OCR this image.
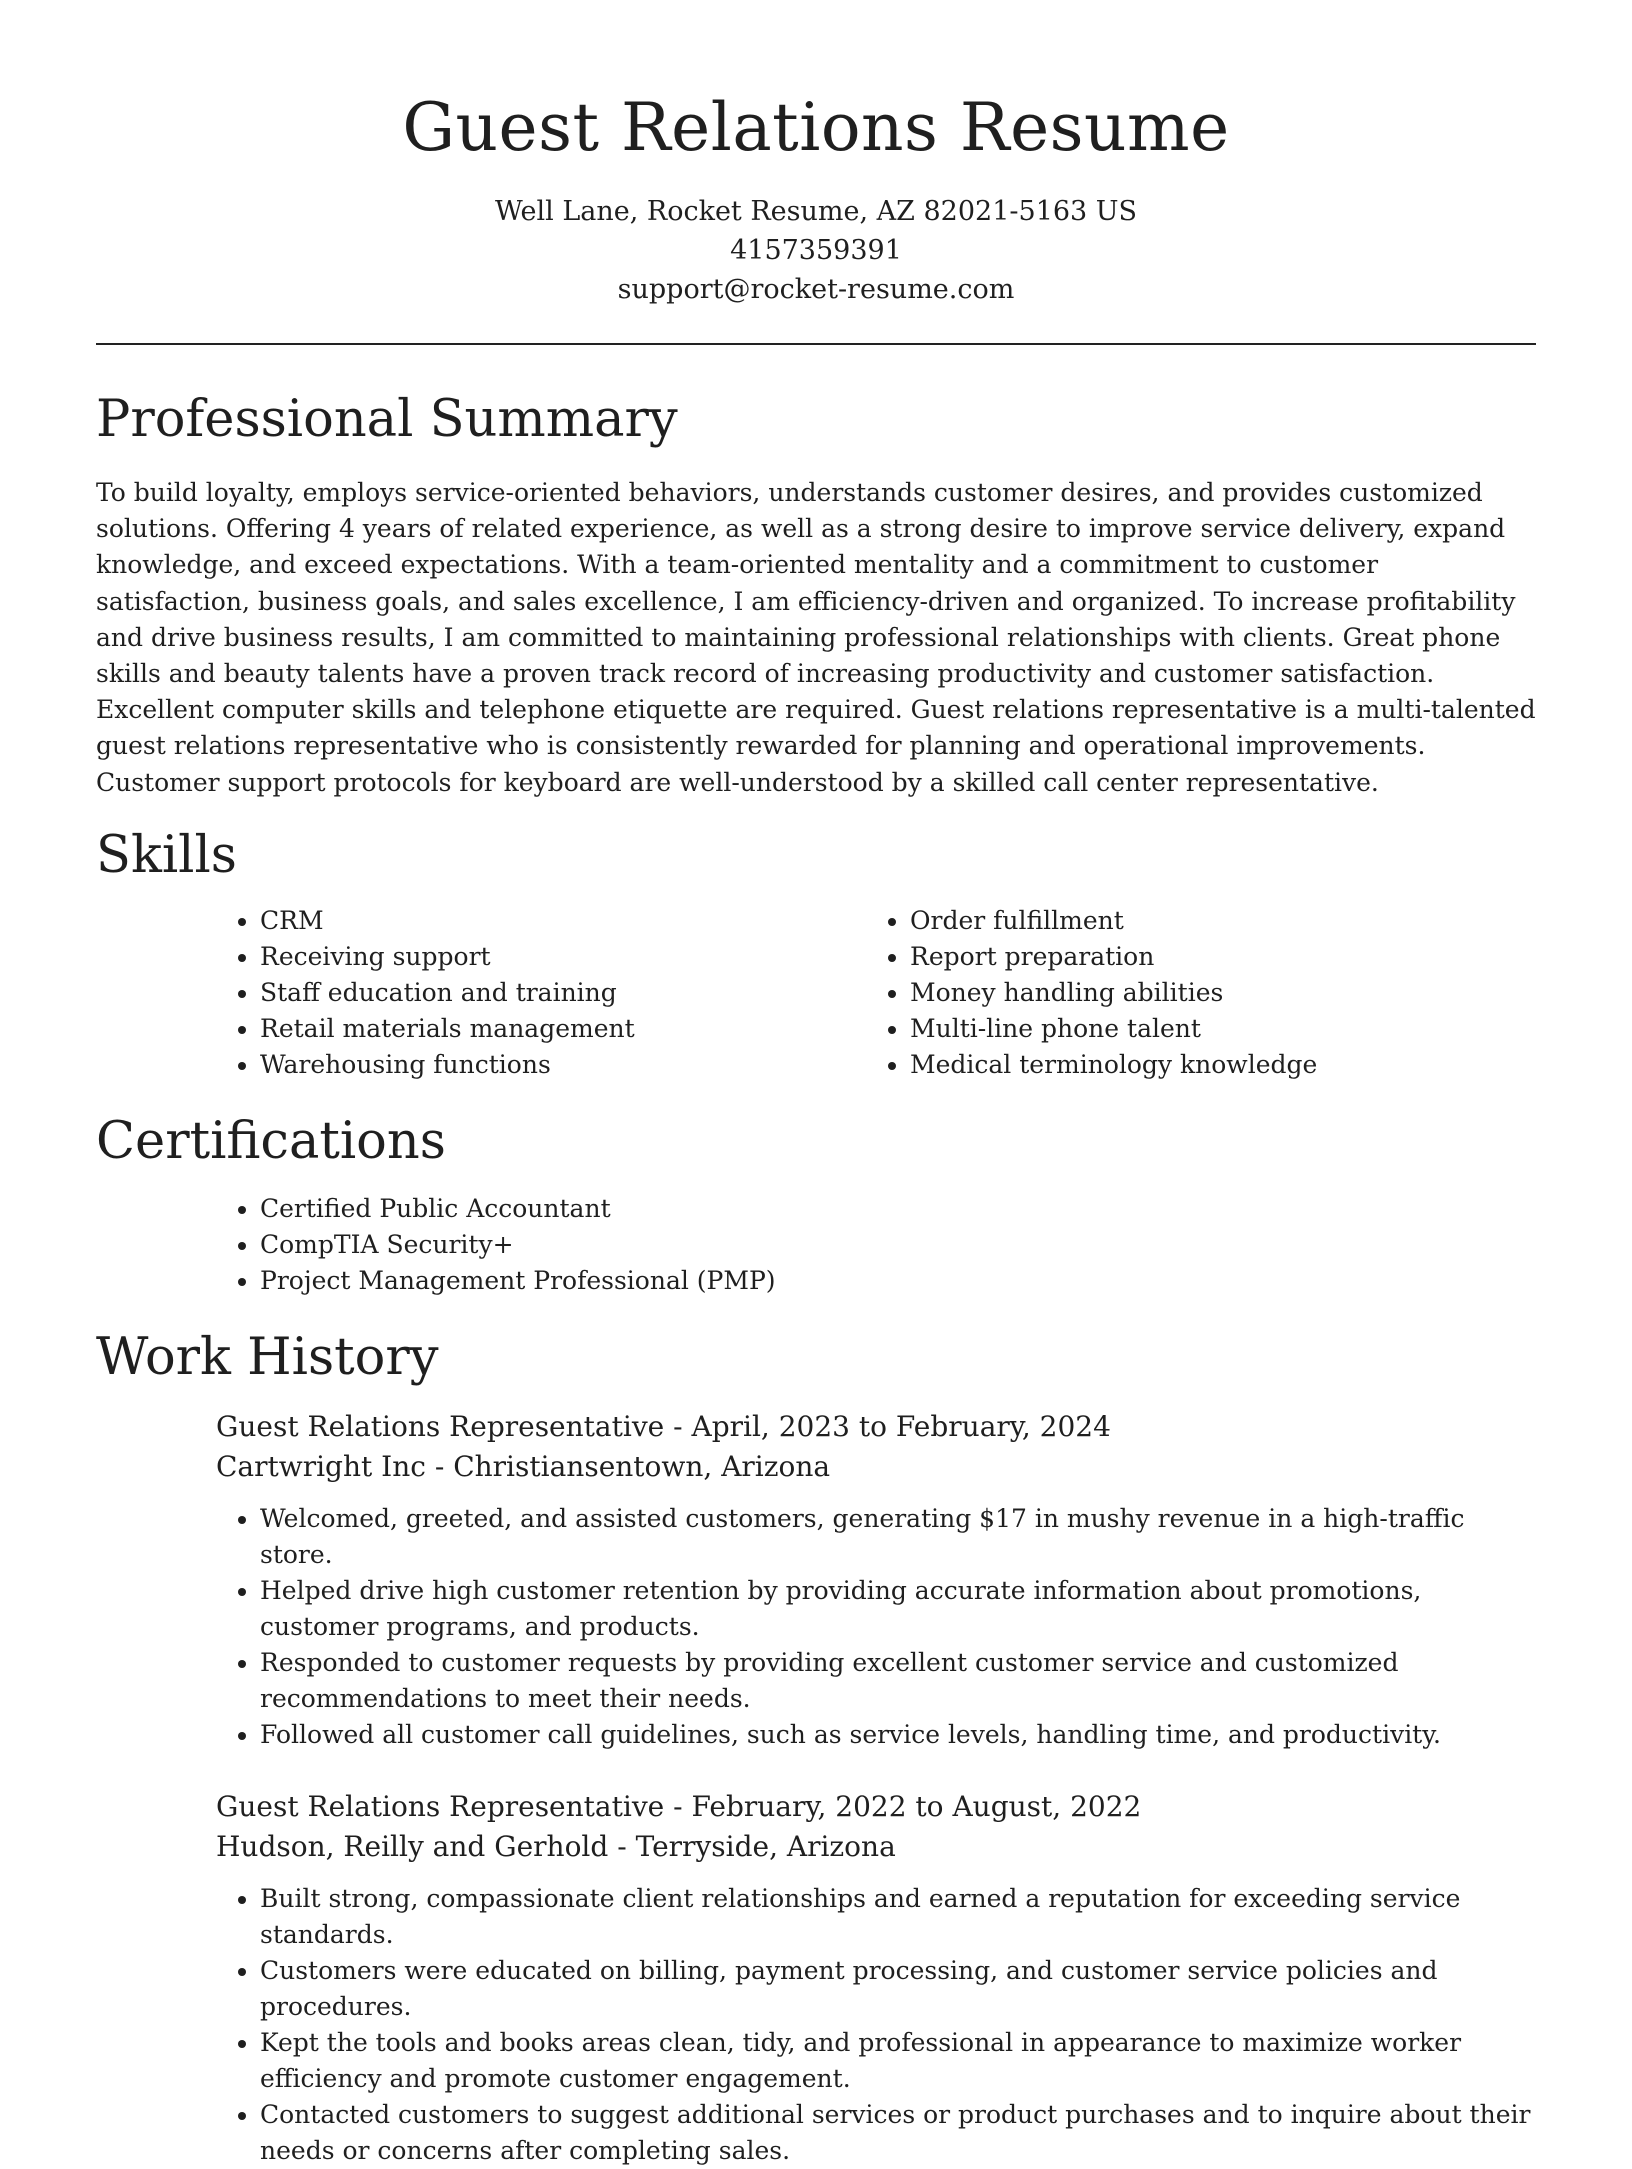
Guest Relations Resume

Well Lane, Rocket Resume, AZ 82021-5163 US

4157359391

support@rocket-resume.com

Professional Summary

To build loyalty, employs service-oriented behaviors, understands customer desires, and provides customized solutions. Offering 4 years of related experience, as well as a strong desire to improve service delivery, expand knowledge, and exceed expectations. With a team-oriented mentality and a commitment to customer satisfaction, business goals, and sales excellence, I am efficiency-driven and organized. To increase profitability and drive business results, I am committed to maintaining professional relationships with clients. Great phone skills and beauty talents have a proven track record of increasing productivity and customer satisfaction. Excellent computer skills and telephone etiquette are required. Guest relations representative is a multi-talented guest relations representative who is consistently rewarded for planning and operational improvements. Customer support protocols for keyboard are well-understood by a skilled call center representative.

Skills
• CRM
• Receiving support
• Staff education and training
• Retail materials management
• Warehousing functions
• Order fulfillment
• Report preparation
• Money handling abilities
• Multi-line phone talent
• Medical terminology knowledge
Certifications
• Certified Public Accountant
• CompTIA Security+
• Project Management Professional (PMP)
Work History

Guest Relations Representative - April, 2023 to February, 2024

Cartwright Inc - Christiansentown, Arizona

• Welcomed, greeted, and assisted customers, generating $17 in mushy revenue in a high-traffic store.
• Helped drive high customer retention by providing accurate information about promotions, customer programs, and products.
• Responded to customer requests by providing excellent customer service and customized recommendations to meet their needs.
• Followed all customer call guidelines, such as service levels, handling time, and productivity.

Guest Relations Representative - February, 2022 to August, 2022

Hudson, Reilly and Gerhold - Terryside, Arizona

• Built strong, compassionate client relationships and earned a reputation for exceeding service standards.
• Customers were educated on billing, payment processing, and customer service policies and procedures.
• Kept the tools and books areas clean, tidy, and professional in appearance to maximize worker efficiency and promote customer engagement.
• Contacted customers to suggest additional services or product purchases and to inquire about their needs or concerns after completing sales.
